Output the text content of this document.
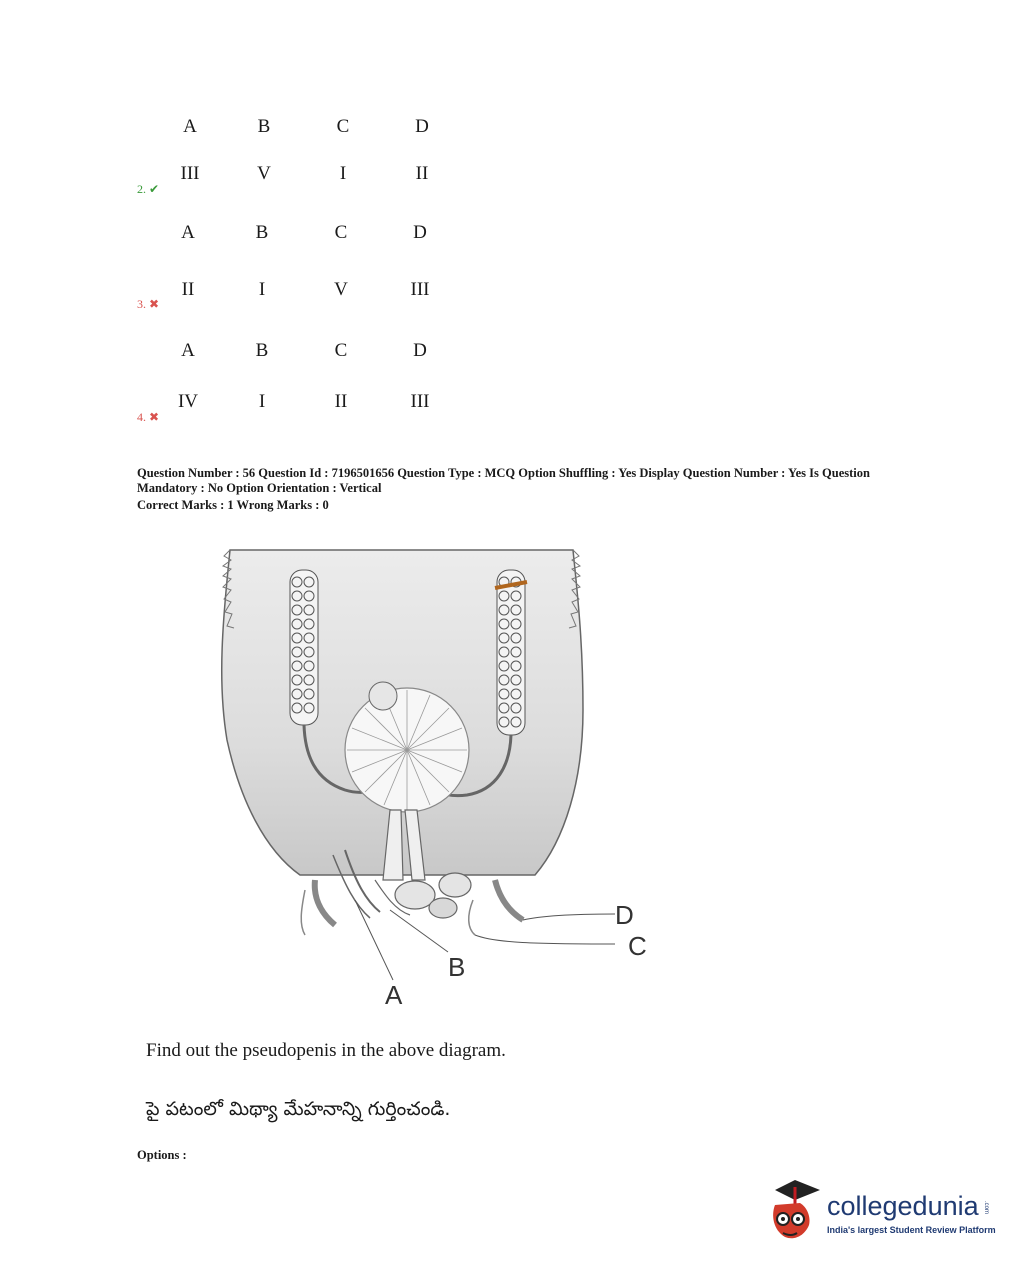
A	B	C	D
III	V	I	II
2. ✔
A	B	C	D
II	I	V	III
3. ✖
A	B	C	D
IV	I	II	III
4. ✖
Question Number : 56 Question Id : 7196501656 Question Type : MCQ Option Shuffling : Yes Display Question Number : Yes Is Question
Mandatory : No Option Orientation : Vertical
Correct Marks : 1 Wrong Marks : 0
A
B
C
D
Find out the pseudopenis in the above diagram.
పై పటంలో మిథ్యా మేహనాన్ని గుర్తించండి.
Options :
collegedunia .com
India's largest Student Review Platform
